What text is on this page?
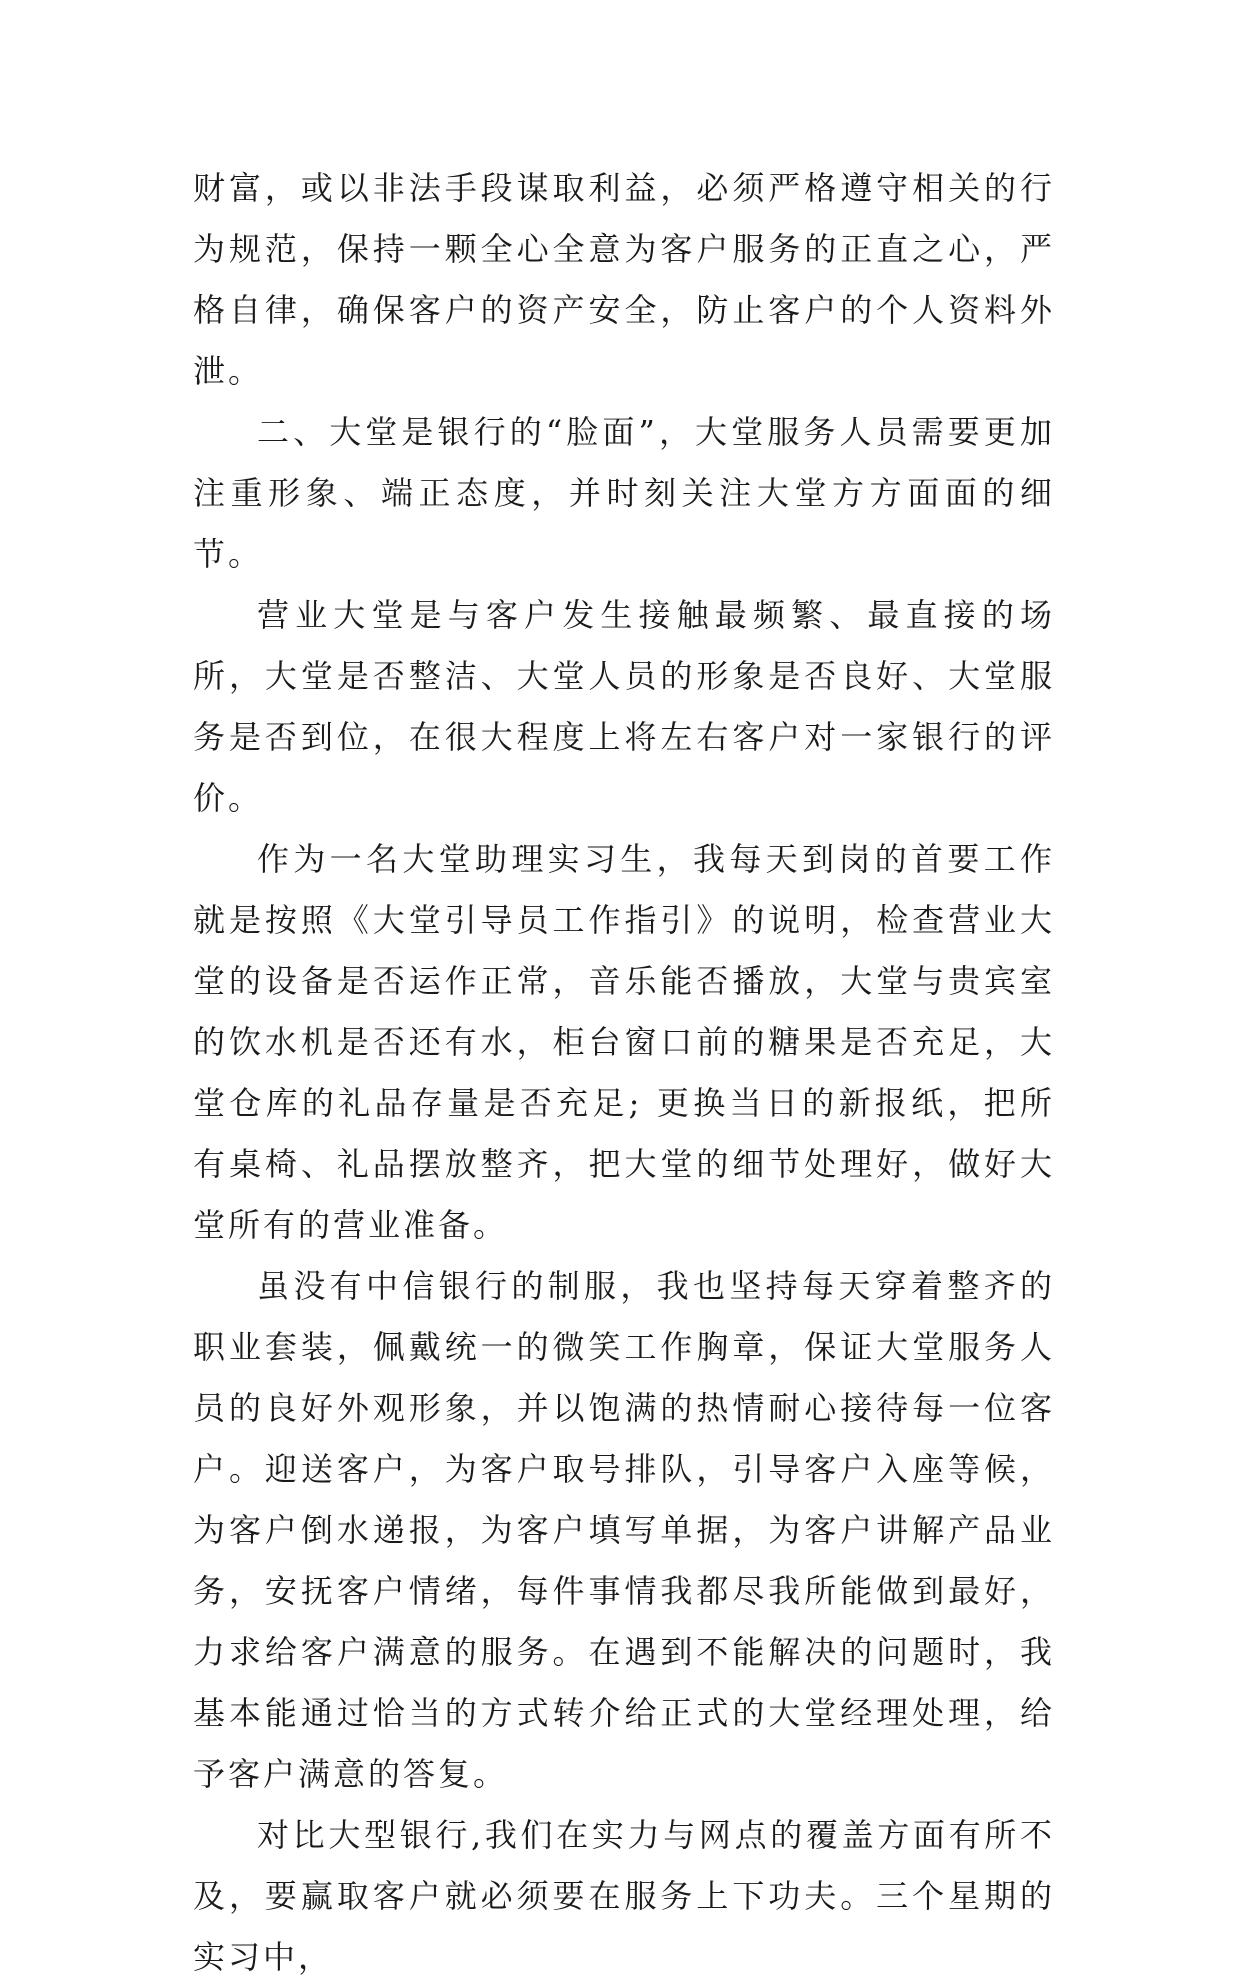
财富，或以非法手段谋取利益，必须严格遵守相关的行为规范，保持一颗全心全意为客户服务的正直之心，严格自律，确保客户的资产安全，防止客户的个人资料外泄。

二、大堂是银行的“脸面”，大堂服务人员需要更加注重形象、端正态度，并时刻关注大堂方方面面的细节。

营业大堂是与客户发生接触最频繁、最直接的场所，大堂是否整洁、大堂人员的形象是否良好、大堂服务是否到位，在很大程度上将左右客户对一家银行的评价。

作为一名大堂助理实习生，我每天到岗的首要工作就是按照《大堂引导员工作指引》的说明，检查营业大堂的设备是否运作正常，音乐能否播放，大堂与贵宾室的饮水机是否还有水，柜台窗口前的糖果是否充足，大堂仓库的礼品存量是否充足; 更换当日的新报纸，把所有桌椅、礼品摆放整齐，把大堂的细节处理好，做好大堂所有的营业准备。

虽没有中信银行的制服，我也坚持每天穿着整齐的职业套装，佩戴统一的微笑工作胸章，保证大堂服务人员的良好外观形象，并以饱满的热情耐心接待每一位客户。迎送客户，为客户取号排队，引导客户入座等候，为客户倒水递报，为客户填写单据，为客户讲解产品业务，安抚客户情绪，每件事情我都尽我所能做到最好，力求给客户满意的服务。在遇到不能解决的问题时，我基本能通过恰当的方式转介给正式的大堂经理处理，给予客户满意的答复。

对比大型银行,我们在实力与网点的覆盖方面有所不及，要赢取客户就必须要在服务上下功夫。三个星期的实习中，
